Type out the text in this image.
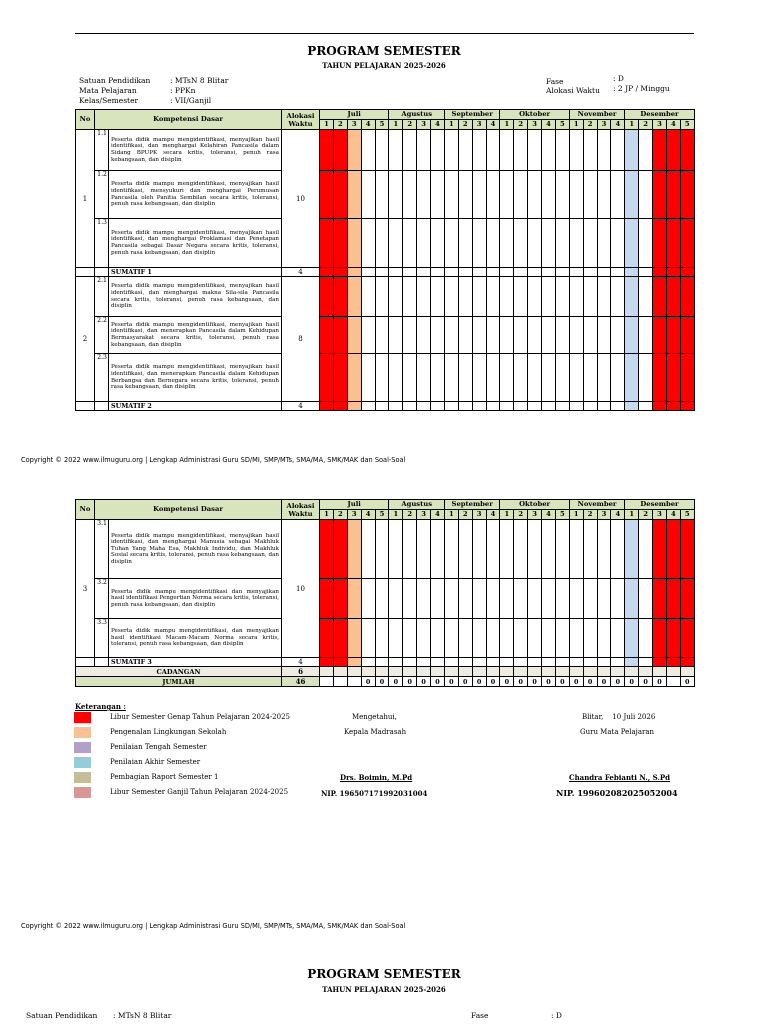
PROGRAM SEMESTER
TAHUN PELAJARAN 2025-2026
Satuan Pendidikan	: MTsN 8 Blitar
Mata Pelajaran	: PPKn
Kelas/Semester	: VII/Ganjil
Fase	: D
Alokasi Waktu : 2 JP / Minggu
No	Kompetensi Dasar		Alokasi Waktu	Juli					Agustus				September				Oktober					November				Desember				
				1	2	3	4	5	1	2	3	4	1	2	3	4	1	2	3	4	5	1	2	3	4	1	2	3	4	5
1	1.1	Peserta didik mampu mengidentifikasi, menyajikan hasil identifikasi, dan menghargai Kelahiran Pancasila dalam Sidang BPUPK secara kritis, toleransi, penuh rasa kebangsaan, dan disiplin	10																											
	1.2	Peserta didik mampu mengidentifikasi, menyajikan hasil identifikasi, mensyukuri dan menghargai Perumusan Pancasila oleh Panitia Sembilan secara kritis, toleransi, penuh rasa kebangsaan, dan disiplin																												
	1.3	Peserta didik mampu mengidentifikasi, menyajikan hasil identifikasi, dan menghargai Proklamasi dan Penetapan Pancasila sebagai Dasar Negara secara kritis, toleransi, penuh rasa kebangsaan, dan disiplin																												
		SUMATIF 1	4																											
2	2.1	Peserta didik mampu mengidentifikasi, menyajikan hasil identifikasi, dan menghargai makna Sila-sila Pancasila secara kritis, toleransi, penuh rasa kebangsaan, dan disiplin	8																											
	2.2	Peserta didik mampu mengidentifikasi, menyajikan hasil identifikasi, dan menerapkan Pancasila dalam Kehidupan Bermasyarakat secara kritis, toleransi, penuh rasa kebangsaan, dan disiplin																												
	2.3	Peserta didik mampu mengidentifikasi, menyajikan hasil identifikasi, dan menerapkan Pancasila dalam Kehidupan Berbangsa dan Bernegara secara kritis, toleransi, penuh rasa kebangsaan, dan disiplin																												
		SUMATIF 2	4																											
Copyright © 2022 www.ilmuguru.org | Lengkap Administrasi Guru SD/MI, SMP/MTs, SMA/MA, SMK/MAK dan Soal-Soal
No	Kompetensi Dasar		Alokasi Waktu	Juli					Agustus				September				Oktober					November				Desember				
				1	2	3	4	5	1	2	3	4	1	2	3	4	1	2	3	4	5	1	2	3	4	1	2	3	4	5
3	3.1	Peserta didik mampu mengidentifikasi, menyajikan hasil identifikasi, dan menghargai Manusia sebagai Makhluk Tuhan Yang Maha Esa, Makhluk Individu, dan Makhluk Sosial secara kritis, toleransi, penuh rasa kebangsaan, dan disiplin	10																											
	3.2	Peserta didik mampu mengidentifikasi dan menyajikan hasil identifikasi Pengertian Norma secara kritis, toleransi, penuh rasa kebangsaan, dan disiplin																												
	3.3	Peserta didik mampu mengidentifikasi, dan menyajikan hasil identifikasi Macam-Macam Norma secara kritis, toleransi, penuh rasa kebangsaan, dan disiplin																												
		SUMATIF 3	4																											
CADANGAN			6																											
JUMLAH			46				0	0	0	0	0	0	0	0	0	0	0	0	0	0	0	0	0	0	0	0	0	0		0
Keterangan :
Libur Semester Genap Tahun Pelajaran 2024-2025
Pengenalan Lingkungan Sekolah
Penilaian Tengah Semester
Penilaian Akhir Semester
Pembagian Raport Semester 1
Libur Semester Ganjil Tahun Pelajaran 2024-2025
Mengetahui,
Kepala Madrasah
Drs. Boimin, M.Pd
NIP. 196507171992031004
Blitar,    10 Juli 2026
Guru Mata Pelajaran
Chandra Febianti N., S.Pd
NIP. 199602082025052004
Copyright © 2022 www.ilmuguru.org | Lengkap Administrasi Guru SD/MI, SMP/MTs, SMA/MA, SMK/MAK dan Soal-Soal
PROGRAM SEMESTER
TAHUN PELAJARAN 2025-2026
Satuan Pendidikan : MTsN 8 Blitar	Fase	: D
